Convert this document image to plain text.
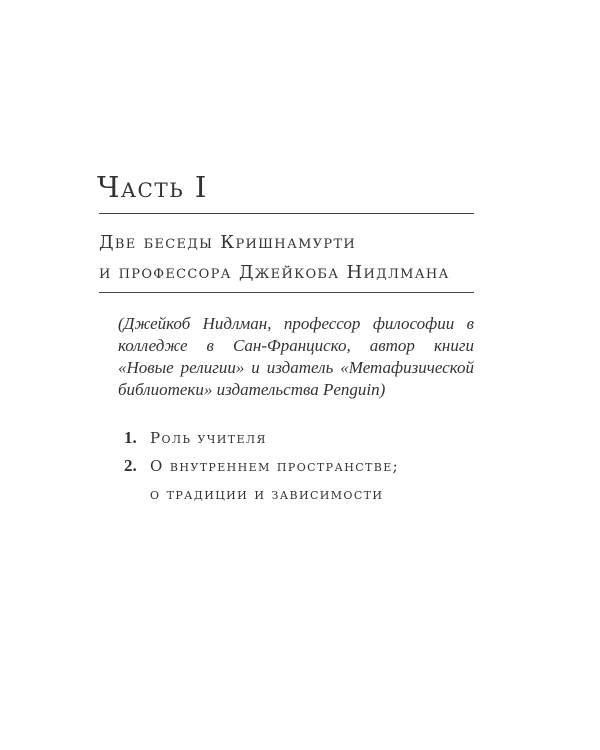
Часть I
Две беседы Кришнамурти
и профессора Джейкоба Нидлмана

(Джейкоб Нидлман, профессор философии в колледже в Сан-Франциско, автор книги «Новые религии» и издатель «Метафизической библиотеки» издательства Penguin)

1. Роль учителя
2. О внутреннем пространстве;
о традиции и зависимости
